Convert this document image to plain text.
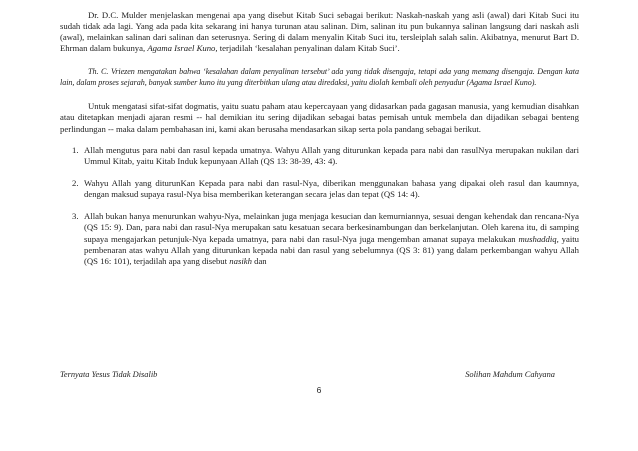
Dr. D.C. Mulder menjelaskan mengenai apa yang disebut Kitab Suci sebagai berikut: Naskah-naskah yang asli (awal) dari Kitab Suci itu sudah tidak ada lagi. Yang ada pada kita sekarang ini hanya turunan atau salinan. Dim, salinan itu pun bukannya salinan langsung dari naskah asli (awal), melainkan salinan dari salinan dan seterusnya. Sering di dalam menyalin Kitab Suci itu, tersleiplah salah salin. Akibatnya, menurut Bart D. Ehrman dalam bukunya, Agama Israel Kuno, terjadilah ‘kesalahan penyalinan dalam Kitab Suci’.

Th. C. Vriezen mengatakan bahwa ‘kesalahan dalam penyalinan tersebut’ ada yang tidak disengaja, tetapi ada yang memang disengaja. Dengan kata lain, dalam proses sejarah, banyak sumber kuno itu yang diterbitkan ulang atau diredaksi, yaitu diolah kembali oleh penyadur (Agama Israel Kuno).

Untuk mengatasi sifat-sifat dogmatis, yaitu suatu paham atau kepercayaan yang didasarkan pada gagasan manusia, yang kemudian disahkan atau ditetapkan menjadi ajaran resmi -- hal demikian itu sering dijadikan sebagai batas pemisah untuk membela dan dijadikan sebagai benteng perlindungan -- maka dalam pembahasan ini, kami akan berusaha mendasarkan sikap serta pola pandang sebagai berikut.

1. Allah mengutus para nabi dan rasul kepada umatnya. Wahyu Allah yang diturunkan kepada para nabi dan rasulNya merupakan nukilan dari Ummul Kitab, yaitu Kitab Induk kepunyaan Allah (QS 13: 38-39, 43: 4).
2. Wahyu Allah yang diturunKan Kepada para nabi dan rasul-Nya, diberikan menggunakan bahasa yang dipakai oleh rasul dan kaumnya, dengan maksud supaya rasul-Nya bisa memberikan keterangan secara jelas dan tepat (QS 14: 4).
3. Allah bukan hanya menurunkan wahyu-Nya, melainkan juga menjaga kesucian dan kemurniannya, sesuai dengan kehendak dan rencana-Nya (QS 15: 9). Dan, para nabi dan rasul-Nya merupakan satu kesatuan secara berkesinambungan dan berkelanjutan. Oleh karena itu, di samping supaya mengajarkan petunjuk-Nya kepada umatnya, para nabi dan rasul-Nya juga mengemban amanat supaya melakukan mushaddiq, yaitu pembenaran atas wahyu Allah yang diturunkan kepada nabi dan rasul yang sebelumnya (QS 3: 81) yang dalam perkembangan wahyu Allah (QS 16: 101), terjadilah apa yang disebut nasikh dan
Ternyata Yesus Tidak Disalib	Solihan Mahdum Cahyana
6
